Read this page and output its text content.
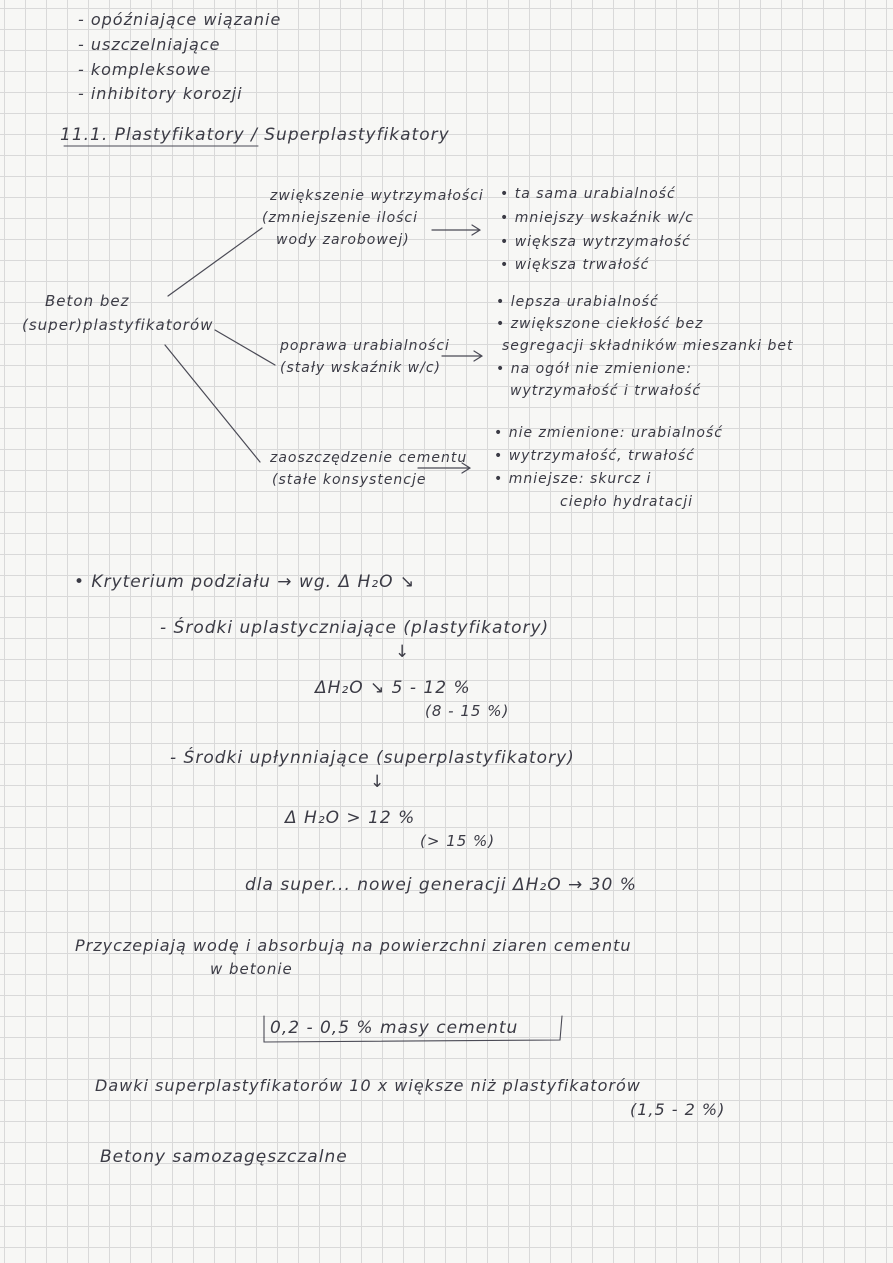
- opóźniające wiązanie
- uszczelniające
- kompleksowe
- inhibitory korozji
11.1. Plastyfikatory / Superplastyfikatory
Beton bez
(super)plastyfikatorów
zwiększenie wytrzymałości
(zmniejszenie ilości
wody zarobowej)
• ta sama urabialność
• mniejszy wskaźnik w/c
• większa wytrzymałość
• większa trwałość
poprawa urabialności
(stały wskaźnik w/c)
• lepsza urabialność
• zwiększone ciekłość bez
segregacji składników mieszanki bet
• na ogół nie zmienione:
wytrzymałość i trwałość
zaoszczędzenie cementu
(stałe konsystencje
• nie zmienione: urabialność
• wytrzymałość, trwałość
• mniejsze: skurcz i
ciepło hydratacji
• Kryterium podziału → wg. Δ H₂O ↘
- Środki uplastyczniające (plastyfikatory)
↓
ΔH₂O ↘ 5 - 12 %
(8 - 15 %)
- Środki upłynniające (superplastyfikatory)
↓
Δ H₂O > 12 %
(> 15 %)
dla super... nowej generacji ΔH₂O → 30 %
Przyczepiają wodę i absorbują na powierzchni ziaren cementu
w betonie
0,2 - 0,5 % masy cementu
Dawki superplastyfikatorów 10 x większe niż plastyfikatorów
(1,5 - 2 %)
Betony samozagęszczalne
